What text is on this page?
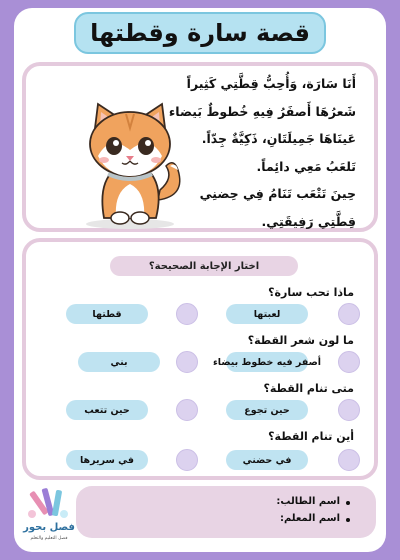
قصة سارة وقطتها
أَنَا سَارَة، وَأُحِبُّ قِطَّتِي كَثِيراً
شَعرُهَا أَصفَرُ فِيهِ خُطوطٌ بَيضاء
عَينَاهَا جَمِيلَتَانِ، ذَكِيَّةٌ جِدّاً.
تَلعَبُ مَعِي دائِماً.
حِينَ تَتْعَب تَنَامُ فِي حِضنِي
قِطَّتِي رَفِيقَتِي.
اختار الإجابة الصحيحة؟
ماذا تحب سارة؟
لعبتها
قطتها
ما لون شعر القطة؟
أصفر فيه خطوط بيضاء
بني
متى تنام القطة؟
حين تجوع
حين تتعب
أين تنام القطة؟
في حضني
في سريرها
فصل بحور
فصل التعليم والتعلم
اسم الطالب:
اسم المعلم:
